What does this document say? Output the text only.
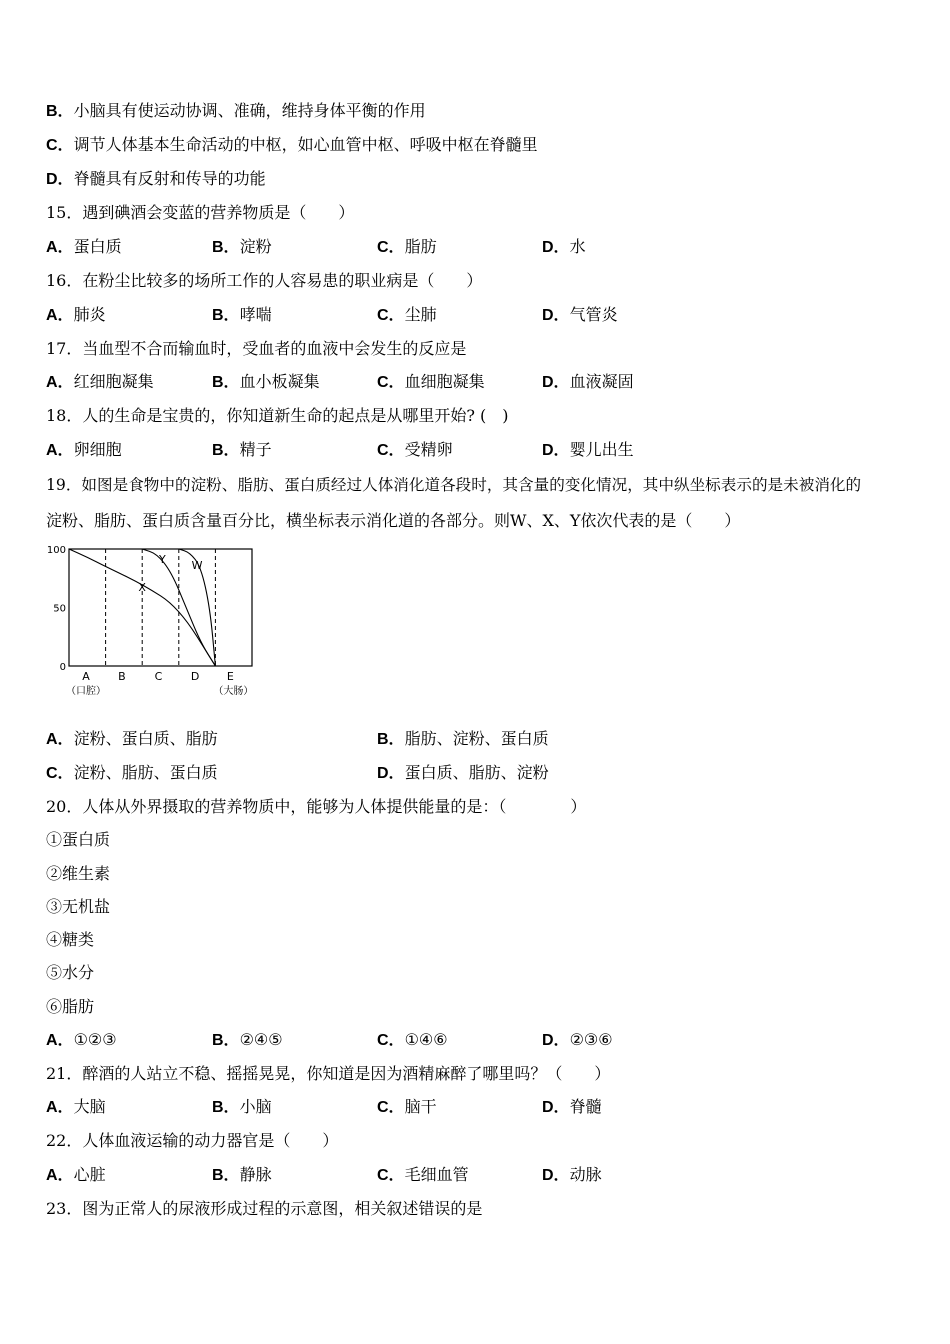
B．小脑具有使运动协调、准确，维持身体平衡的作用
C．调节人体基本生命活动的中枢，如心血管中枢、呼吸中枢在脊髓里
D．脊髓具有反射和传导的功能
15．遇到碘酒会变蓝的营养物质是（　　）
A．蛋白质	B．淀粉	C．脂肪	D．水
16．在粉尘比较多的场所工作的人容易患的职业病是（　　）
A．肺炎	B．哮喘	C．尘肺	D．气管炎
17．当血型不合而输血时，受血者的血液中会发生的反应是
A．红细胞凝集	B．血小板凝集	C．血细胞凝集	D．血液凝固
18．人的生命是宝贵的，你知道新生命的起点是从哪里开始? (　)
A．卵细胞	B．精子	C．受精卵	D．婴儿出生
19．如图是食物中的淀粉、脂肪、蛋白质经过人体消化道各段时，其含量的变化情况，其中纵坐标表示的是未被消化的
淀粉、脂肪、蛋白质含量百分比，横坐标表示消化道的各部分。则W、X、Y依次代表的是（　　）
100
50
0
A	B	C	D	E
（口腔）	（大肠）
X
Y W
A．淀粉、蛋白质、脂肪	B．脂肪、淀粉、蛋白质
C．淀粉、脂肪、蛋白质	D．蛋白质、脂肪、淀粉
20．人体从外界摄取的营养物质中，能够为人体提供能量的是：（　　　　）
①蛋白质
②维生素
③无机盐
④糖类
⑤水分
⑥脂肪
A．①②③	B．②④⑤	C．①④⑥	D．②③⑥
21．醉酒的人站立不稳、摇摇晃晃，你知道是因为酒精麻醉了哪里吗？（　　）
A．大脑	B．小脑	C．脑干	D．脊髓
22．人体血液运输的动力器官是（　　）
A．心脏	B．静脉	C．毛细血管	D．动脉
23．图为正常人的尿液形成过程的示意图，相关叙述错误的是
